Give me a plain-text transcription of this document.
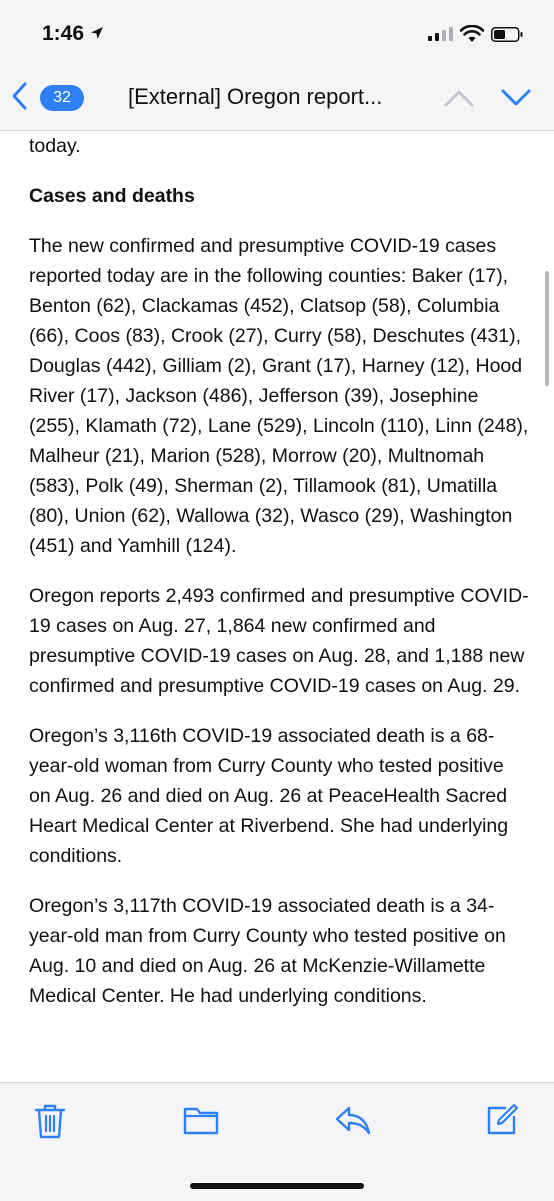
1:46
32	[External] Oregon report...

today.

Cases and deaths

The new confirmed and presumptive COVID-19 cases reported today are in the following counties: Baker (17), Benton (62), Clackamas (452), Clatsop (58), Columbia (66), Coos (83), Crook (27), Curry (58), Deschutes (431), Douglas (442), Gilliam (2), Grant (17), Harney (12), Hood River (17), Jackson (486), Jefferson (39), Josephine (255), Klamath (72), Lane (529), Lincoln (110), Linn (248), Malheur (21), Marion (528), Morrow (20), Multnomah (583), Polk (49), Sherman (2), Tillamook (81), Umatilla (80), Union (62), Wallowa (32), Wasco (29), Washington (451) and Yamhill (124).

Oregon reports 2,493 confirmed and presumptive COVID-19 cases on Aug. 27, 1,864 new confirmed and presumptive COVID-19 cases on Aug. 28, and 1,188 new confirmed and presumptive COVID-19 cases on Aug. 29.

Oregon’s 3,116th COVID-19 associated death is a 68-year-old woman from Curry County who tested positive on Aug. 26 and died on Aug. 26 at PeaceHealth Sacred Heart Medical Center at Riverbend. She had underlying conditions.

Oregon’s 3,117th COVID-19 associated death is a 34-year-old man from Curry County who tested positive on Aug. 10 and died on Aug. 26 at McKenzie-Willamette Medical Center. He had underlying conditions.
